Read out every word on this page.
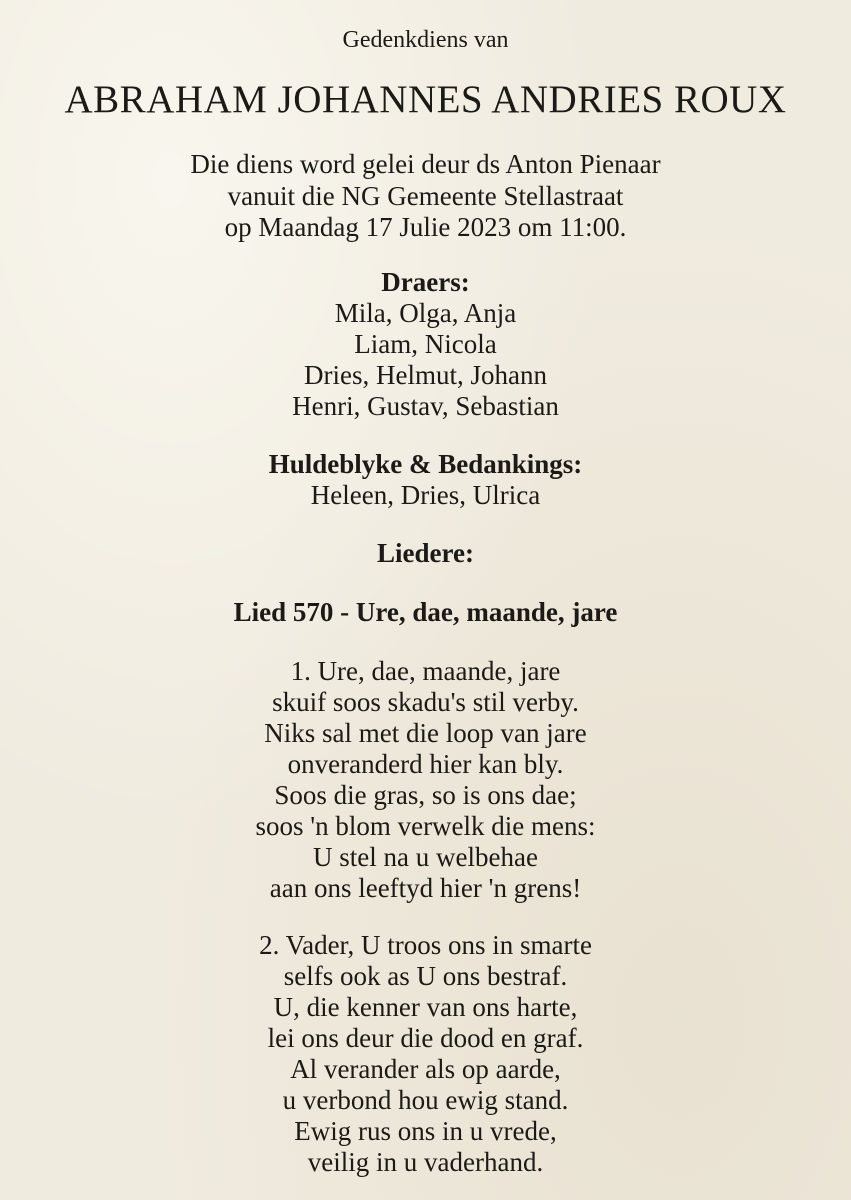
Gedenkdiens van
ABRAHAM JOHANNES ANDRIES ROUX
Die diens word gelei deur ds Anton Pienaar
vanuit die NG Gemeente Stellastraat
op Maandag 17 Julie 2023 om 11:00.
Draers:
Mila, Olga, Anja
Liam, Nicola
Dries, Helmut, Johann
Henri, Gustav, Sebastian
Huldeblyke & Bedankings:
Heleen, Dries, Ulrica
Liedere:
Lied 570 - Ure, dae, maande, jare
1. Ure, dae, maande, jare
skuif soos skadu's stil verby.
Niks sal met die loop van jare
onveranderd hier kan bly.
Soos die gras, so is ons dae;
soos 'n blom verwelk die mens:
U stel na u welbehae
aan ons leeftyd hier 'n grens!
2. Vader, U troos ons in smarte
selfs ook as U ons bestraf.
U, die kenner van ons harte,
lei ons deur die dood en graf.
Al verander als op aarde,
u verbond hou ewig stand.
Ewig rus ons in u vrede,
veilig in u vaderhand.
